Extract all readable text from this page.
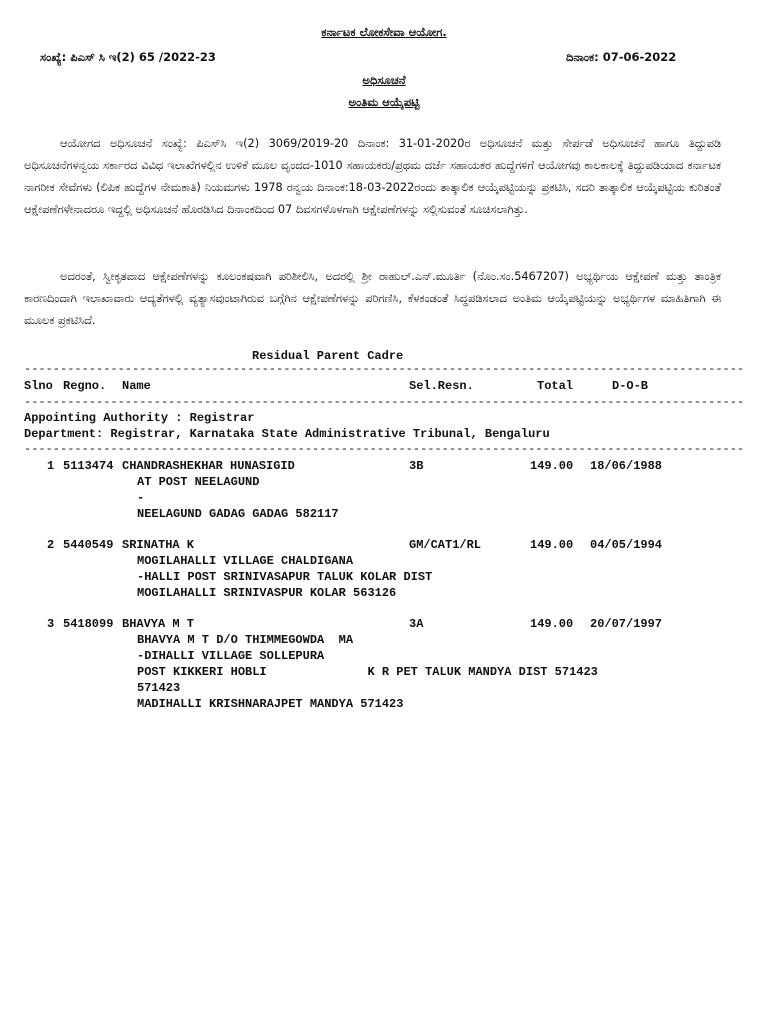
ಕರ್ನಾಟಕ ಲೋಕಸೇವಾ ಆಯೋಗ.
ಸಂಖ್ಯೆ: ಪಿಎಸ್ ಸಿ ಇ(2) 65 /2022-23	ದಿನಾಂಕ: 07-06-2022
ಅಧಿಸೂಚನೆ
ಅಂತಿಮ ಆಯ್ಕೆಪಟ್ಟಿ
ಆಯೋಗದ ಅಧಿಸೂಚನೆ ಸಂಖ್ಯೆ: ಪಿಎಸ್‌ಸಿ ಇ(2) 3069/2019-20 ದಿನಾಂಕ: 31-01-2020ರ ಅಧಿಸೂಚನೆ ಮತ್ತು ಸೇರ್ಪಡೆ ಅಧಿಸೂಚನೆ ಹಾಗೂ ತಿದ್ದುಪಡಿ ಅಧಿಸೂಚನೆಗಳನ್ವಯ ಸರ್ಕಾರದ ವಿವಿಧ ಇಲಾಖೆಗಳಲ್ಲಿನ ಉಳಿಕೆ ಮೂಲ ವೃಂದದ-1010 ಸಹಾಯಕರು/ಪ್ರಥಮ ದರ್ಜೆ ಸಹಾಯಕರ ಹುದ್ದೆಗಳಿಗೆ ಆಯೋಗವು ಕಾಲಕಾಲಕ್ಕೆ ತಿದ್ದುಪಡಿಯಾದ ಕರ್ನಾಟಕ ನಾಗರೀಕ ಸೇವೆಗಳು (ಲಿಪಿಕ ಹುದ್ದೆಗಳ ನೇಮಕಾತಿ) ನಿಯಮಗಳು 1978 ರನ್ವಯ ದಿನಾಂಕ:18-03-2022ರಂದು ತಾತ್ಕಾಲಿಕ ಆಯ್ಕೆಪಟ್ಟಿಯನ್ನು ಪ್ರಕಟಿಸಿ, ಸದರಿ ತಾತ್ಕಾಲಿಕ ಆಯ್ಕೆಪಟ್ಟಿಯ ಕುರಿತಂತೆ ಆಕ್ಷೇಪಣೆಗಳೇನಾದರೂ ಇದ್ದಲ್ಲಿ ಅಧಿಸೂಚನೆ ಹೊರಡಿಸಿದ ದಿನಾಂಕದಿಂದ 07 ದಿವಸಗಳೊಳಗಾಗಿ ಆಕ್ಷೇಪಣೆಗಳನ್ನು ಸಲ್ಲಿಸುವಂತೆ ಸೂಚಿಸಲಾಗಿತ್ತು.
ಅದರಂತೆ, ಸ್ವೀಕೃತವಾದ ಆಕ್ಷೇಪಣೆಗಳನ್ನು ಕೂಲಂಕಷವಾಗಿ ಪರಿಶೀಲಿಸಿ, ಅದರಲ್ಲಿ ಶ್ರೀ ರಾಹುಲ್.ಎನ್.ಮೂರ್ತಿ (ನೊಂ.ಸಂ.5467207) ಅಭ್ಯರ್ಥಿಯ ಆಕ್ಷೇಪಣೆ ಮತ್ತು ತಾಂತ್ರಿಕ ಕಾರಣದಿಂದಾಗಿ ಇಲಾಖಾವಾರು ಆದ್ಯತೆಗಳಲ್ಲಿ ವ್ಯತ್ಯಾಸವುಂಟಾಗಿರುವ ಬಗ್ಗೆಗಿನ ಆಕ್ಷೇಪಣೆಗಳನ್ನು ಪರಿಗಣಿಸಿ, ಕೆಳಕಂಡಂತೆ ಸಿದ್ಧಪಡಿಸಲಾದ ಅಂತಿಮ ಆಯ್ಕೆಪಟ್ಟಿಯನ್ನು ಅಭ್ಯರ್ಥಿಗಳ ಮಾಹಿತಿಗಾಗಿ ಈ ಮೂಲಕ ಪ್ರಕಟಿಸಿದೆ.
Residual Parent Cadre
----------------------------------------------------------------------------------------------------
----------------------------------------------------------------------------------------------------
----------------------------------------------------------------------------------------------------
Slno Regno. Name	Sel.Resn.	Total	D-O-B
Appointing Authority : Registrar
Department: Registrar, Karnataka State Administrative Tribunal, Bengaluru
1 5113474 CHANDRASHEKHAR HUNASIGID	3B	149.00 18/06/1988
AT POST NEELAGUND
-
NEELAGUND GADAG GADAG 582117
2 5440549 SRINATHA K	GM/CAT1/RL	149.00 04/05/1994
MOGILAHALLI VILLAGE CHALDIGANA
-HALLI POST SRINIVASAPUR TALUK KOLAR DIST
MOGILAHALLI SRINIVASPUR KOLAR 563126
3 5418099 BHAVYA M T	3A	149.00 20/07/1997
BHAVYA M T D/O THIMMEGOWDA  MA
-DIHALLI VILLAGE SOLLEPURA
POST KIKKERI HOBLI              K R PET TALUK MANDYA DIST 571423
571423
MADIHALLI KRISHNARAJPET MANDYA 571423
